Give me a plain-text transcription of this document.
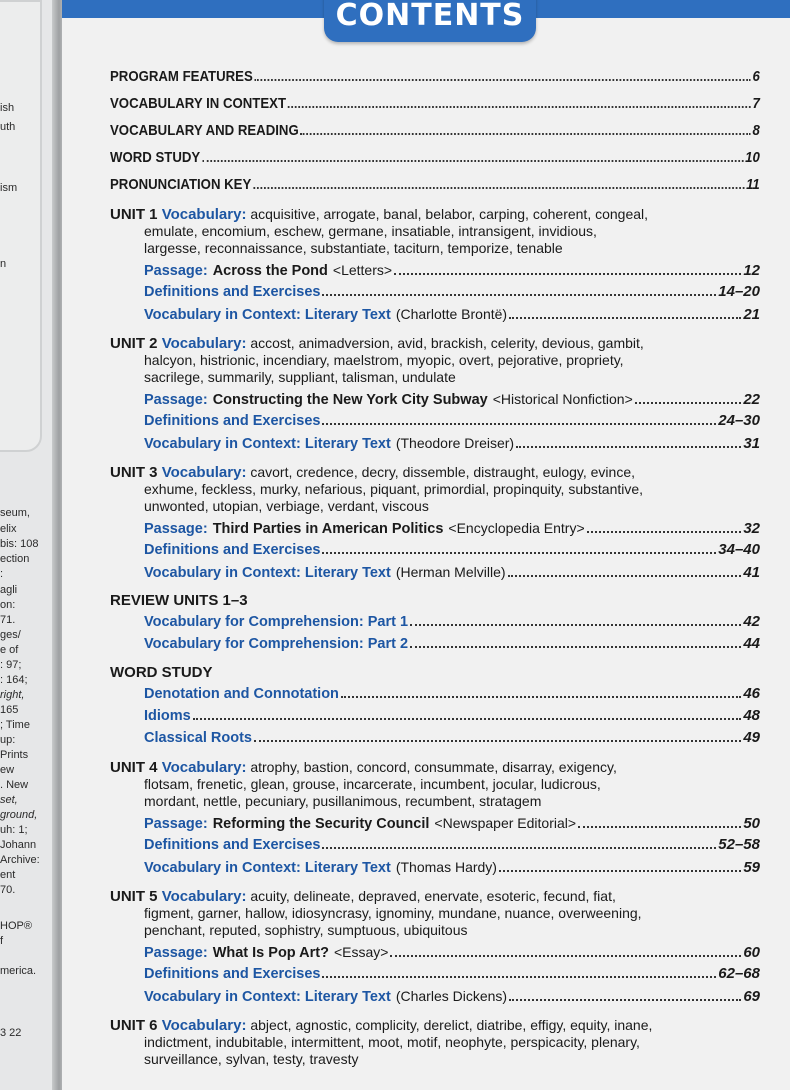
ish
uth
ism
n
seum,
elix
bis: 108
ection
:
agli
on:
71.
ges/
e of
: 97;
: 164;
right,
165
; Time
up:
Prints
ew
. New
set,
ground,
uh: 1;
Johann
Archive:
ent
70.
HOP®
f
merica.
3 22
CONTENTS
PROGRAM FEATURES	6
VOCABULARY IN CONTEXT	7
VOCABULARY AND READING	8
WORD STUDY	10
PRONUNCIATION KEY	11
UNIT 1 Vocabulary: acquisitive, arrogate, banal, belabor, carping, coherent, congeal,
emulate, encomium, eschew, germane, insatiable, intransigent, invidious,
largesse, reconnaissance, substantiate, taciturn, temporize, tenable
Passage: Across the Pond <Letters>	12
Definitions and Exercises	14–20
Vocabulary in Context: Literary Text (Charlotte Brontë)	21
UNIT 2 Vocabulary: accost, animadversion, avid, brackish, celerity, devious, gambit,
halcyon, histrionic, incendiary, maelstrom, myopic, overt, pejorative, propriety,
sacrilege, summarily, suppliant, talisman, undulate
Passage: Constructing the New York City Subway <Historical Nonfiction>	22
Definitions and Exercises	24–30
Vocabulary in Context: Literary Text (Theodore Dreiser)	31
UNIT 3 Vocabulary: cavort, credence, decry, dissemble, distraught, eulogy, evince,
exhume, feckless, murky, nefarious, piquant, primordial, propinquity, substantive,
unwonted, utopian, verbiage, verdant, viscous
Passage: Third Parties in American Politics <Encyclopedia Entry>	32
Definitions and Exercises	34–40
Vocabulary in Context: Literary Text (Herman Melville)	41
REVIEW UNITS 1–3
Vocabulary for Comprehension: Part 1	42
Vocabulary for Comprehension: Part 2	44
WORD STUDY
Denotation and Connotation	46
Idioms	48
Classical Roots	49
UNIT 4 Vocabulary: atrophy, bastion, concord, consummate, disarray, exigency,
flotsam, frenetic, glean, grouse, incarcerate, incumbent, jocular, ludicrous,
mordant, nettle, pecuniary, pusillanimous, recumbent, stratagem
Passage: Reforming the Security Council <Newspaper Editorial>	50
Definitions and Exercises	52–58
Vocabulary in Context: Literary Text (Thomas Hardy)	59
UNIT 5 Vocabulary: acuity, delineate, depraved, enervate, esoteric, fecund, fiat,
figment, garner, hallow, idiosyncrasy, ignominy, mundane, nuance, overweening,
penchant, reputed, sophistry, sumptuous, ubiquitous
Passage: What Is Pop Art? <Essay>	60
Definitions and Exercises	62–68
Vocabulary in Context: Literary Text (Charles Dickens)	69
UNIT 6 Vocabulary: abject, agnostic, complicity, derelict, diatribe, effigy, equity, inane,
indictment, indubitable, intermittent, moot, motif, neophyte, perspicacity, plenary,
surveillance, sylvan, testy, travesty
